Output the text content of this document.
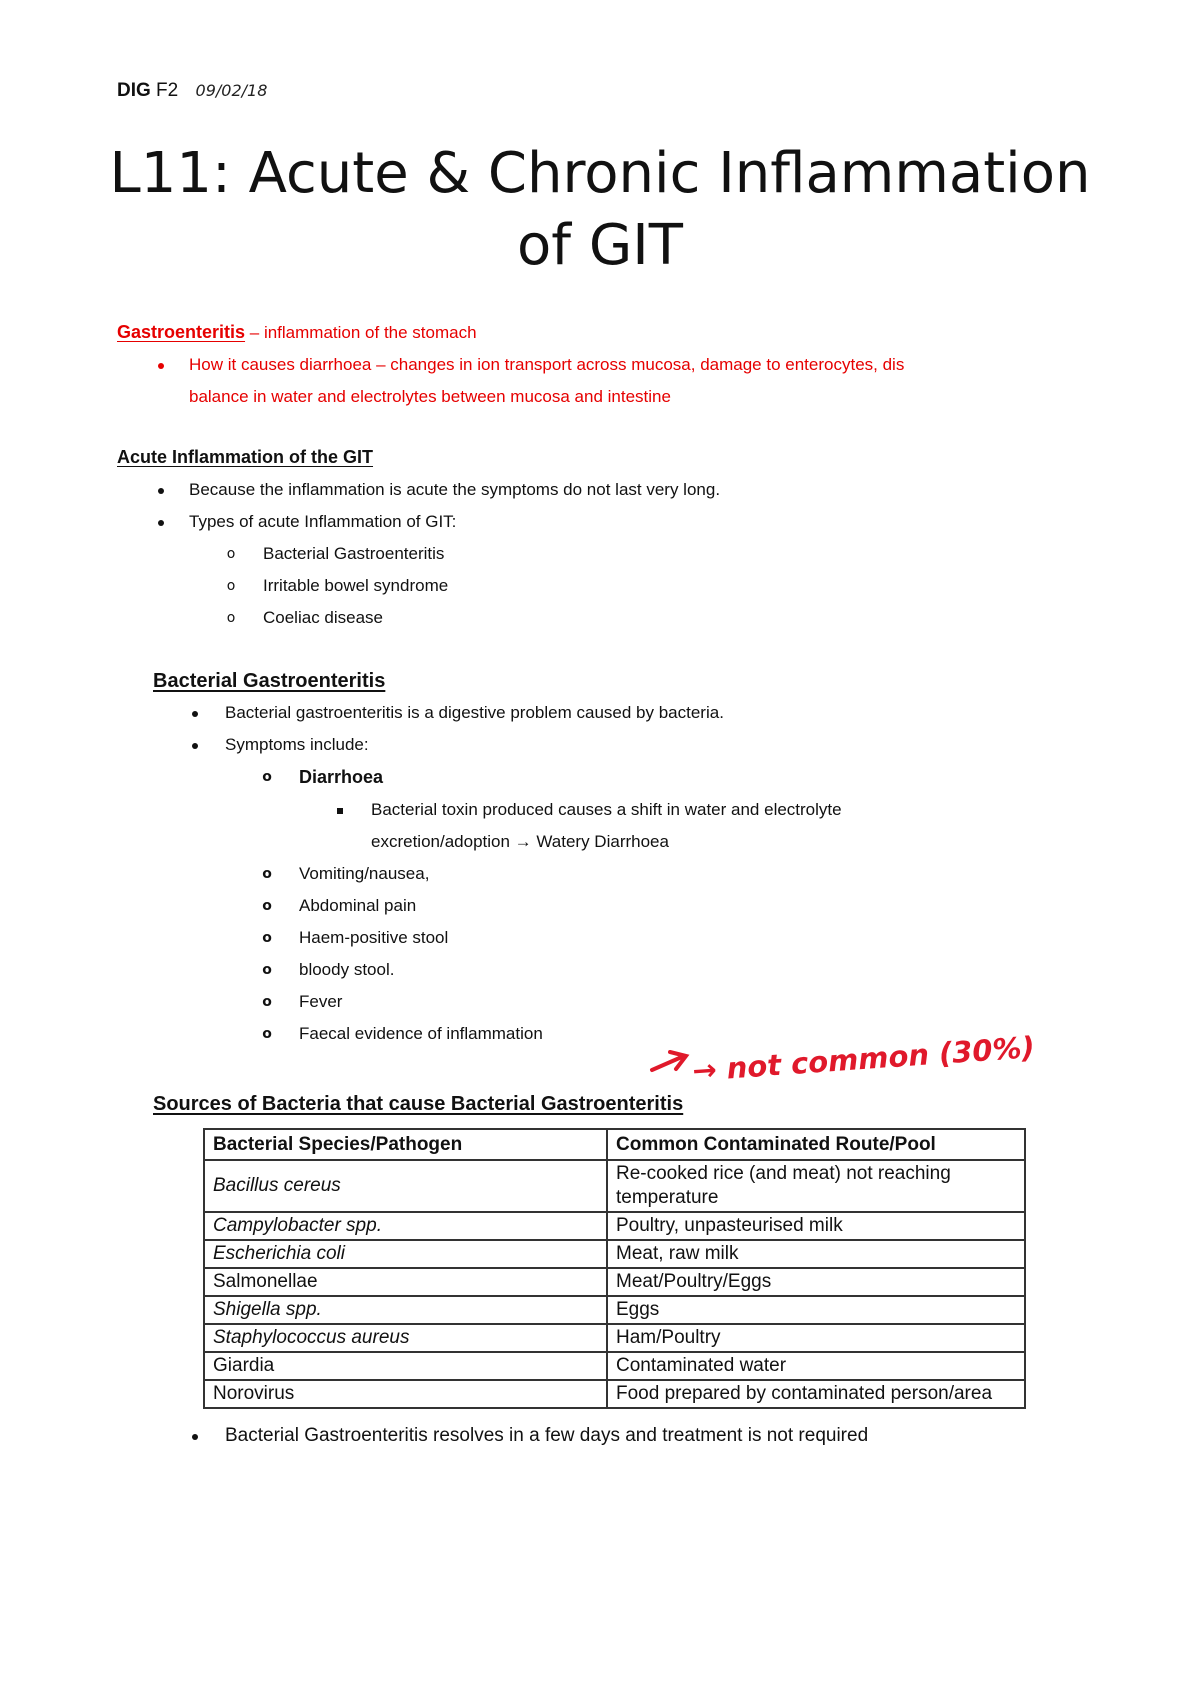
DIG F2 09/02/18
L11: Acute & Chronic Inflammation
of GIT
Gastroenteritis – inflammation of the stomach
How it causes diarrhoea – changes in ion transport across mucosa, damage to enterocytes, dis
balance in water and electrolytes between mucosa and intestine
Acute Inflammation of the GIT
Because the inflammation is acute the symptoms do not last very long.
Types of acute Inflammation of GIT:
o Bacterial Gastroenteritis
o Irritable bowel syndrome
o Coeliac disease
Bacterial Gastroenteritis
Bacterial gastroenteritis is a digestive problem caused by bacteria.
Symptoms include:
o Diarrhoea
Bacterial toxin produced causes a shift in water and electrolyte
excretion/adoption → Watery Diarrhoea
o Vomiting/nausea,
o Abdominal pain
o Haem-positive stool
o bloody stool.
o Fever
o Faecal evidence of inflammation	→ not common (30%)
Sources of Bacteria that cause Bacterial Gastroenteritis
Bacterial Species/Pathogen	Common Contaminated Route/Pool
Bacillus cereus	Re-cooked rice (and meat) not reaching temperature
Campylobacter spp.	Poultry, unpasteurised milk
Escherichia coli	Meat, raw milk
Salmonellae	Meat/Poultry/Eggs
Shigella spp.	Eggs
Staphylococcus aureus	Ham/Poultry
Giardia	Contaminated water
Norovirus	Food prepared by contaminated person/area
Bacterial Gastroenteritis resolves in a few days and treatment is not required
